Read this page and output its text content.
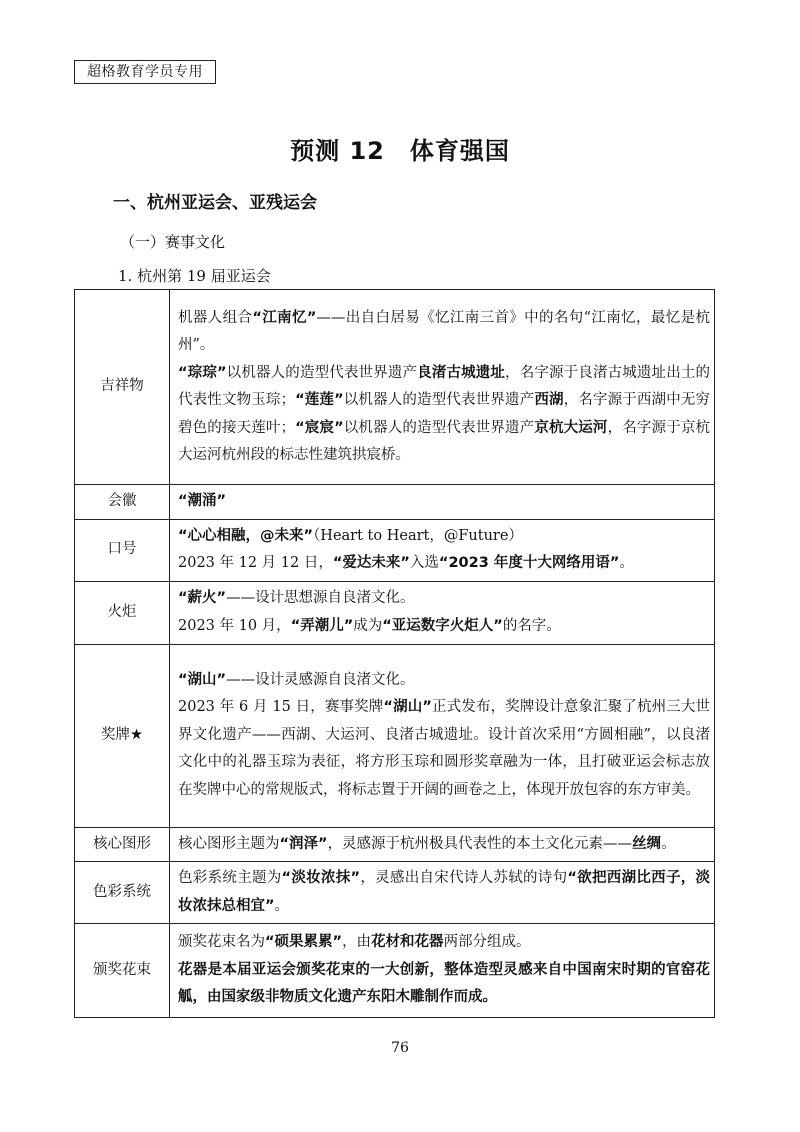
超格教育学员专用
预测 12　体育强国
一、杭州亚运会、亚残运会
（一）赛事文化
1. 杭州第 19 届亚运会
吉祥物	机器人组合“江南忆”——出自白居易《忆江南三首》中的名句“江南忆，最忆是杭州”。
“琮琮”以机器人的造型代表世界遗产良渚古城遗址，名字源于良渚古城遗址出土的代表性文物玉琮；“莲莲”以机器人的造型代表世界遗产西湖，名字源于西湖中无穷碧色的接天莲叶；“宸宸”以机器人的造型代表世界遗产京杭大运河，名字源于京杭大运河杭州段的标志性建筑拱宸桥。

会徽	“潮涌”

口号	“心心相融，@未来”（Heart to Heart，@Future）
2023 年 12 月 12 日，“爱达未来”入选“2023 年度十大网络用语”。

火炬	“薪火”——设计思想源自良渚文化。
2023 年 10 月，“弄潮儿”成为“亚运数字火炬人”的名字。

奖牌★	“湖山”——设计灵感源自良渚文化。
2023 年 6 月 15 日，赛事奖牌“湖山”正式发布，奖牌设计意象汇聚了杭州三大世界文化遗产——西湖、大运河、良渚古城遗址。设计首次采用“方圆相融”，以良渚文化中的礼器玉琮为表征，将方形玉琮和圆形奖章融为一体，且打破亚运会标志放在奖牌中心的常规版式，将标志置于开阔的画卷之上，体现开放包容的东方审美。

核心图形	核心图形主题为“润泽”，灵感源于杭州极具代表性的本土文化元素——丝绸。

色彩系统	色彩系统主题为“淡妆浓抹”，灵感出自宋代诗人苏轼的诗句“欲把西湖比西子，淡妆浓抹总相宜”。

颁奖花束	颁奖花束名为“硕果累累”，由花材和花器两部分组成。
花器是本届亚运会颁奖花束的一大创新，整体造型灵感来自中国南宋时期的官窑花觚，由国家级非物质文化遗产东阳木雕制作而成。
76
